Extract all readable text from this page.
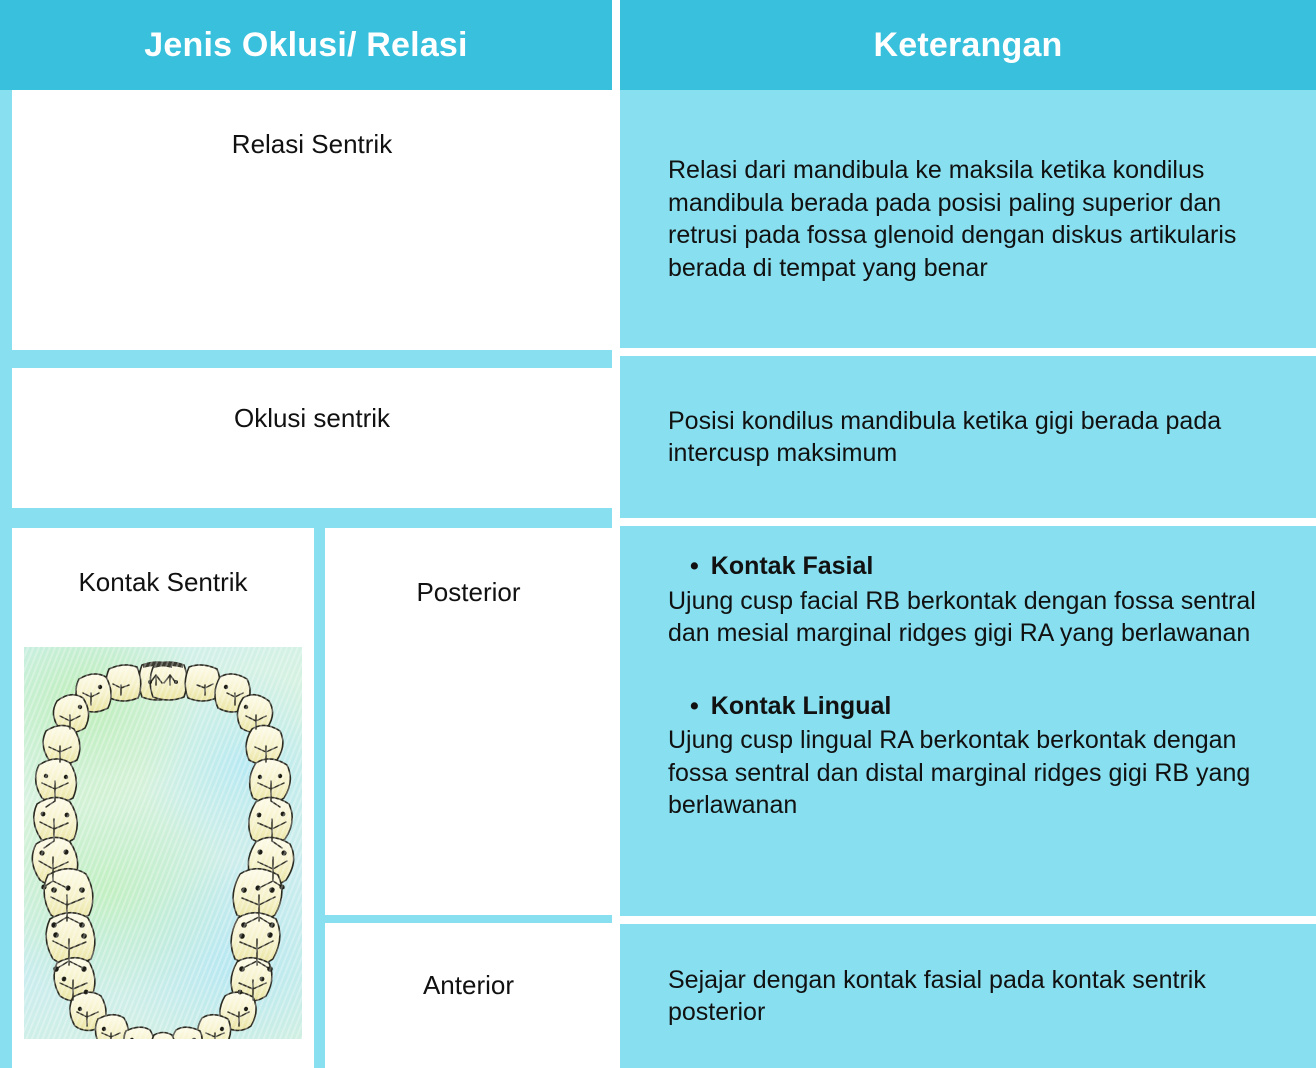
Jenis Oklusi/ Relasi	Keterangan
Relasi Sentrik
Oklusi sentrik
Kontak Sentrik	Posterior
Anterior

Relasi dari mandibula ke maksila ketika kondilus mandibula berada pada posisi paling superior dan retrusi pada fossa glenoid dengan diskus artikularis berada di tempat yang benar

Posisi kondilus mandibula ketika gigi berada pada intercusp maksimum

• Kontak Fasial
Ujung cusp facial RB berkontak dengan fossa sentral dan mesial marginal ridges gigi RA yang berlawanan
• Kontak Lingual
Ujung cusp lingual RA berkontak berkontak dengan fossa sentral dan distal marginal ridges gigi RB yang berlawanan

Sejajar dengan kontak fasial pada kontak sentrik posterior
